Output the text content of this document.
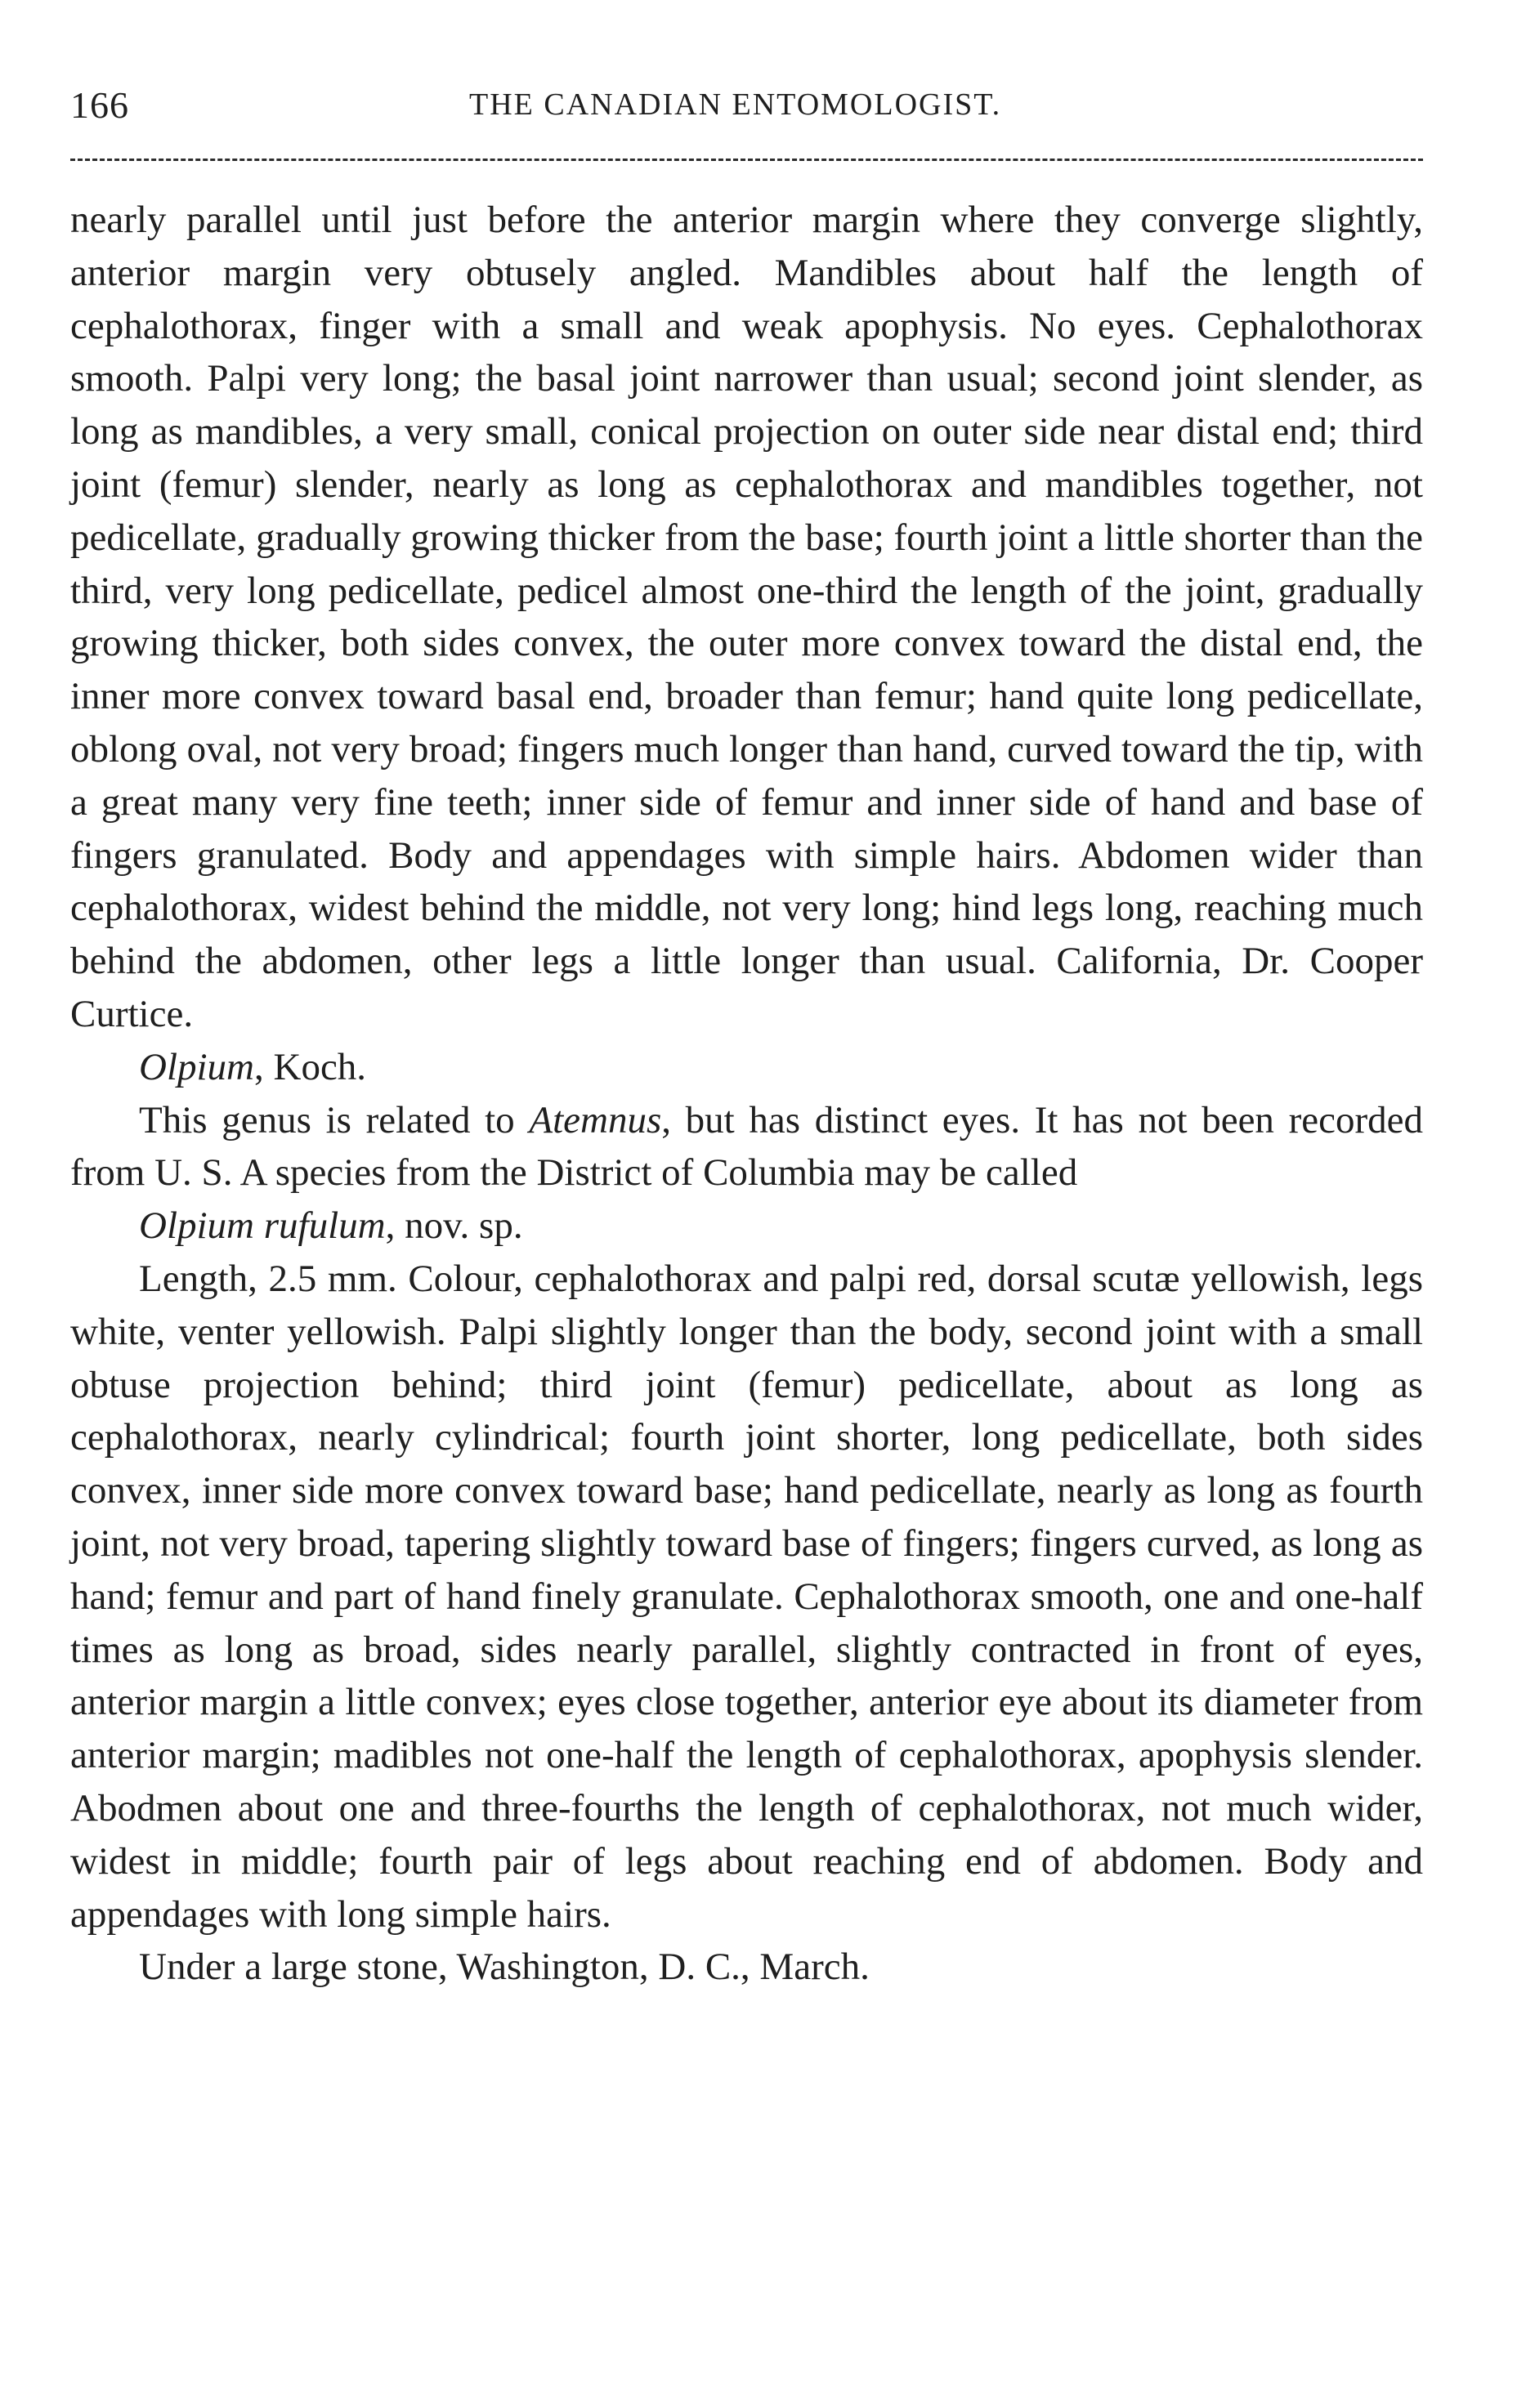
166	THE CANADIAN ENTOMOLOGIST.

nearly parallel until just before the anterior margin where they converge slightly, anterior margin very obtusely angled. Mandibles about half the length of cephalothorax, finger with a small and weak apophysis. No eyes. Cephalothorax smooth. Palpi very long; the basal joint narrower than usual; second joint slender, as long as mandibles, a very small, conical projection on outer side near distal end; third joint (femur) slender, nearly as long as cephalothorax and mandibles together, not pedicellate, gradually growing thicker from the base; fourth joint a little shorter than the third, very long pedicellate, pedicel almost one-third the length of the joint, gradually growing thicker, both sides convex, the outer more convex toward the distal end, the inner more convex toward basal end, broader than femur; hand quite long pedicellate, oblong oval, not very broad; fingers much longer than hand, curved toward the tip, with a great many very fine teeth; inner side of femur and inner side of hand and base of fingers granulated. Body and appendages with simple hairs. Abdomen wider than cephalothorax, widest behind the middle, not very long; hind legs long, reaching much behind the abdomen, other legs a little longer than usual. California, Dr. Cooper Curtice.

Olpium, Koch.

This genus is related to Atemnus, but has distinct eyes. It has not been recorded from U. S. A species from the District of Columbia may be called

Olpium rufulum, nov. sp.

Length, 2.5 mm. Colour, cephalothorax and palpi red, dorsal scutæ yellowish, legs white, venter yellowish. Palpi slightly longer than the body, second joint with a small obtuse projection behind; third joint (femur) pedicellate, about as long as cephalothorax, nearly cylindrical; fourth joint shorter, long pedicellate, both sides convex, inner side more convex toward base; hand pedicellate, nearly as long as fourth joint, not very broad, tapering slightly toward base of fingers; fingers curved, as long as hand; femur and part of hand finely granulate. Cephalothorax smooth, one and one-half times as long as broad, sides nearly parallel, slightly contracted in front of eyes, anterior margin a little convex; eyes close together, anterior eye about its diameter from anterior margin; madibles not one-half the length of cephalothorax, apophysis slender. Abodmen about one and three-fourths the length of cephalothorax, not much wider, widest in middle; fourth pair of legs about reaching end of abdomen. Body and appendages with long simple hairs.

Under a large stone, Washington, D. C., March.
